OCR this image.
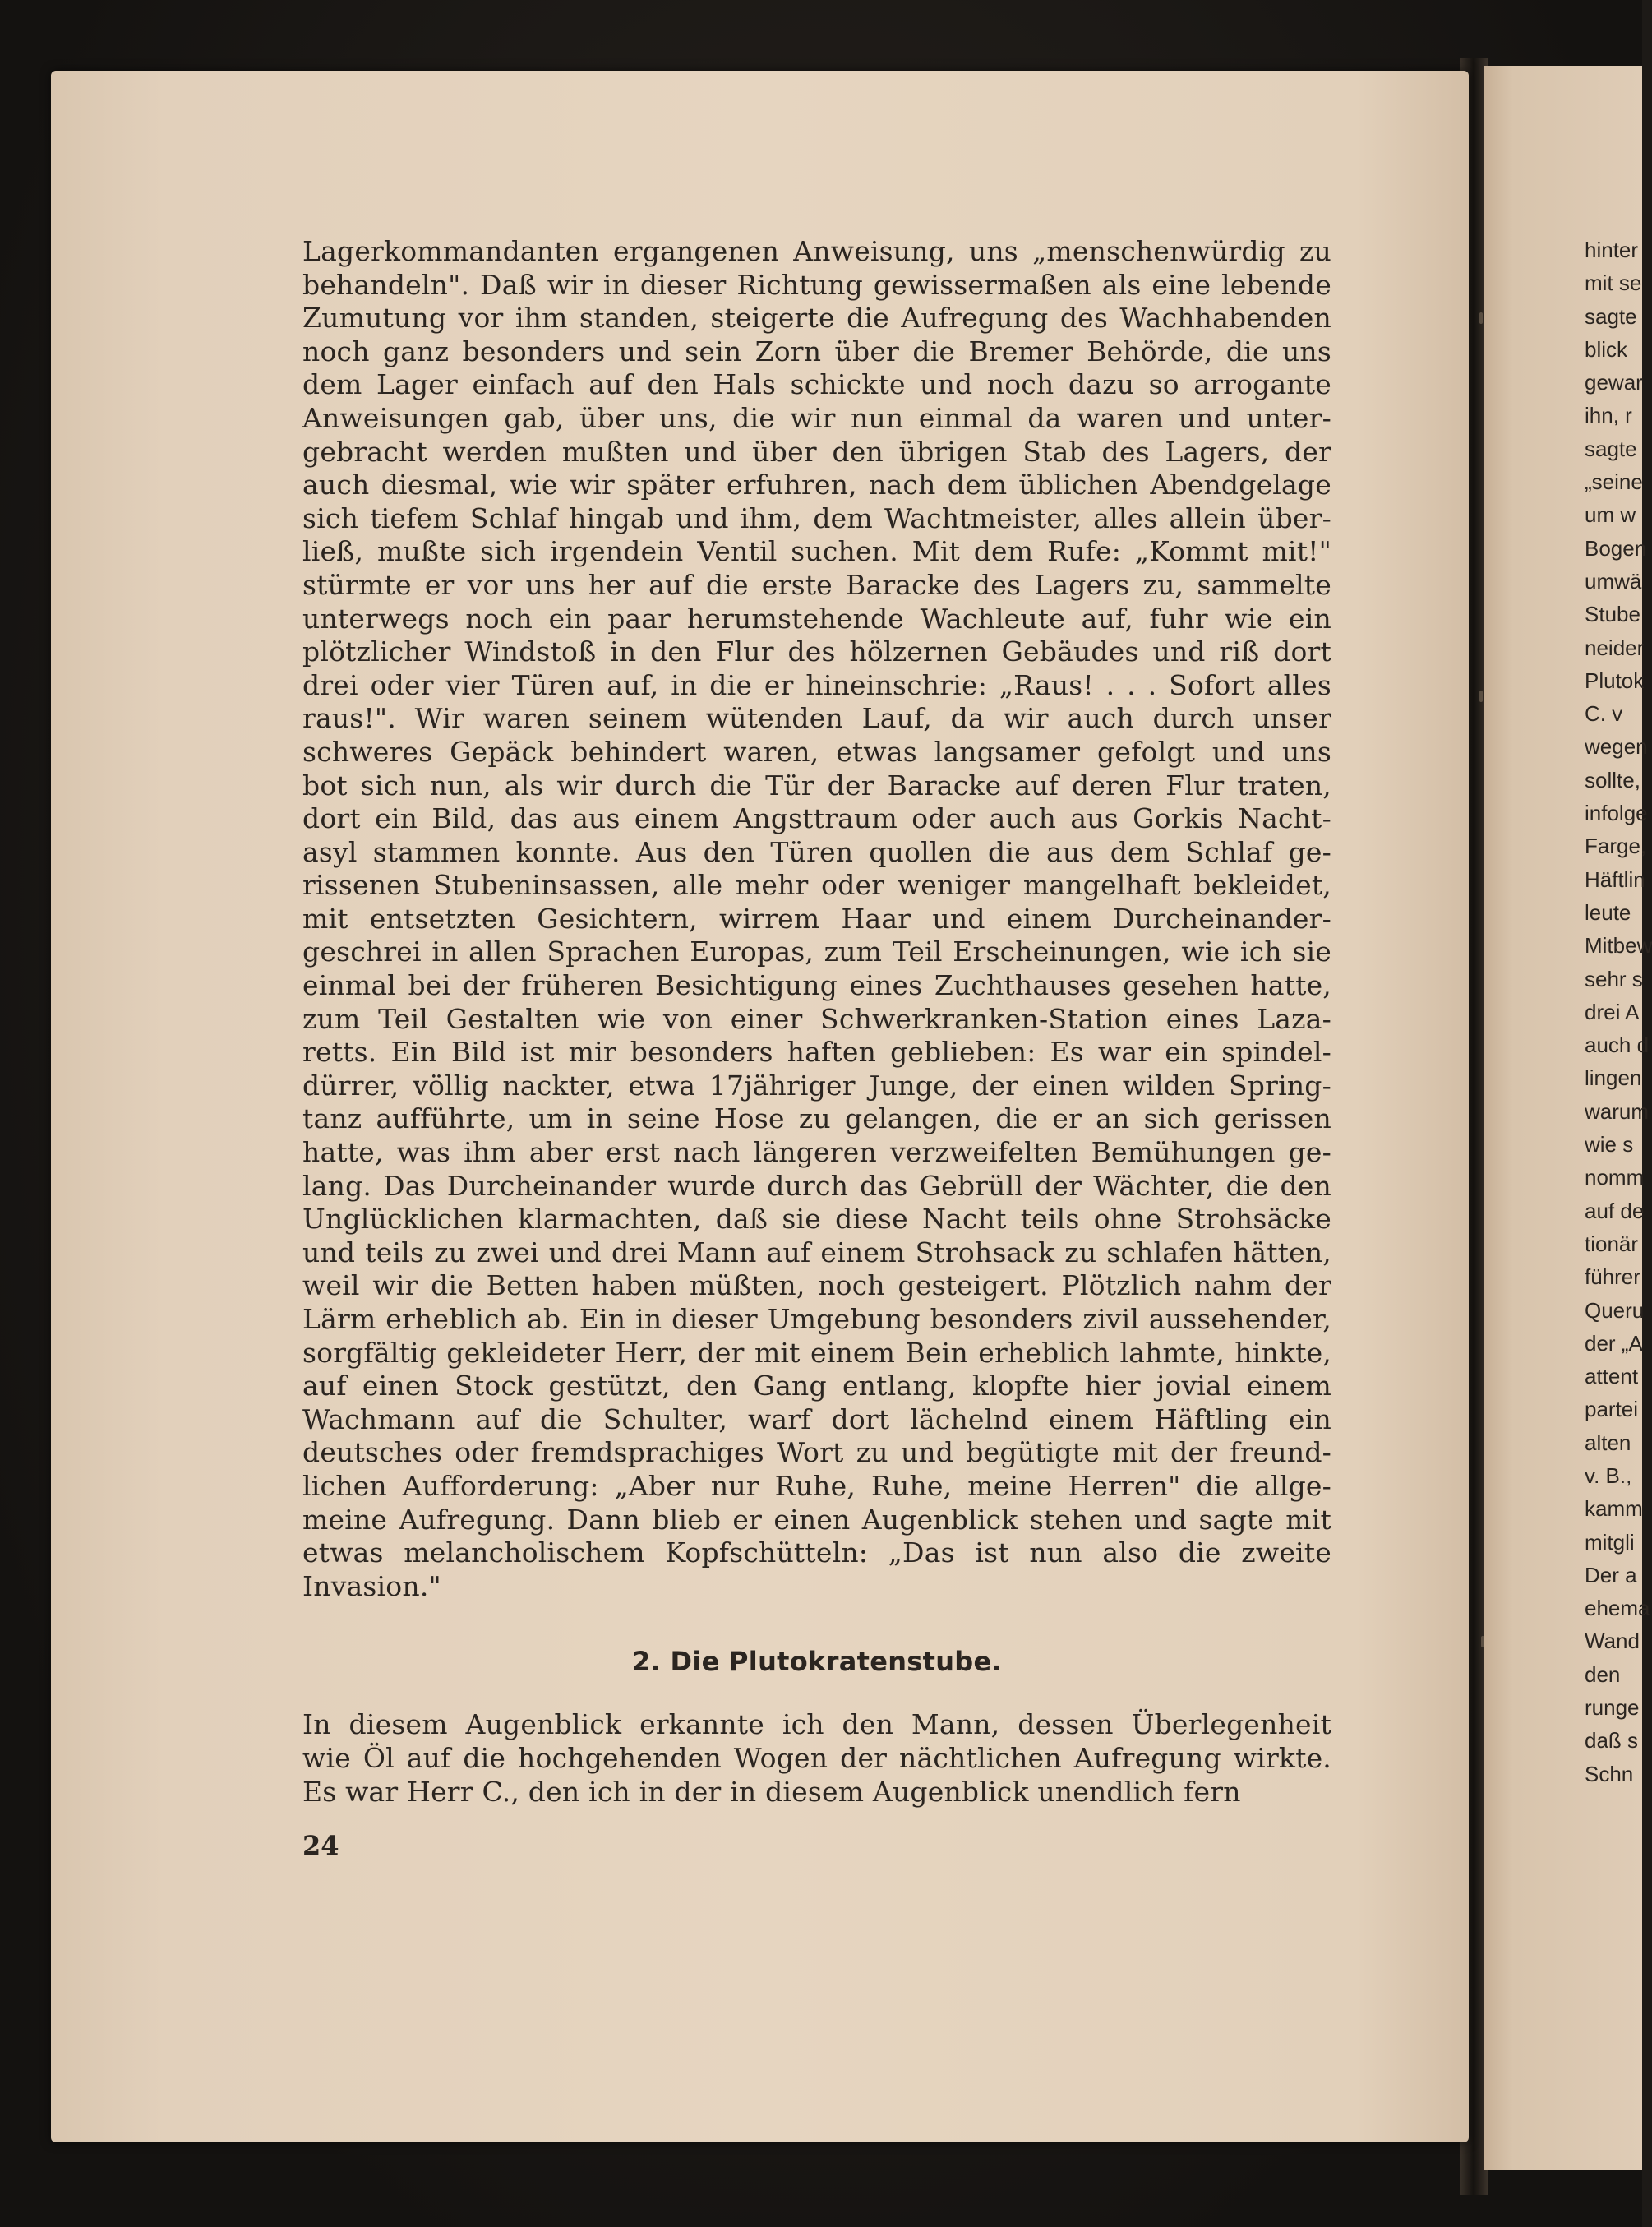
Lagerkommandanten ergangenen Anweisung, uns „menschenwürdig zu
behandeln". Daß wir in dieser Richtung gewissermaßen als eine lebende
Zumutung vor ihm standen, steigerte die Aufregung des Wachhabenden
noch ganz besonders und sein Zorn über die Bremer Behörde, die uns
dem Lager einfach auf den Hals schickte und noch dazu so arrogante
Anweisungen gab, über uns, die wir nun einmal da waren und unter-
gebracht werden mußten und über den übrigen Stab des Lagers, der
auch diesmal, wie wir später erfuhren, nach dem üblichen Abendgelage
sich tiefem Schlaf hingab und ihm, dem Wachtmeister, alles allein über-
ließ, mußte sich irgendein Ventil suchen. Mit dem Rufe: „Kommt mit!"
stürmte er vor uns her auf die erste Baracke des Lagers zu, sammelte
unterwegs noch ein paar herumstehende Wachleute auf, fuhr wie ein
plötzlicher Windstoß in den Flur des hölzernen Gebäudes und riß dort
drei oder vier Türen auf, in die er hineinschrie: „Raus! . . . Sofort alles
raus!". Wir waren seinem wütenden Lauf, da wir auch durch unser
schweres Gepäck behindert waren, etwas langsamer gefolgt und uns
bot sich nun, als wir durch die Tür der Baracke auf deren Flur traten,
dort ein Bild, das aus einem Angsttraum oder auch aus Gorkis Nacht-
asyl stammen konnte. Aus den Türen quollen die aus dem Schlaf ge-
rissenen Stubeninsassen, alle mehr oder weniger mangelhaft bekleidet,
mit entsetzten Gesichtern, wirrem Haar und einem Durcheinander-
geschrei in allen Sprachen Europas, zum Teil Erscheinungen, wie ich sie
einmal bei der früheren Besichtigung eines Zuchthauses gesehen hatte,
zum Teil Gestalten wie von einer Schwerkranken-Station eines Laza-
retts. Ein Bild ist mir besonders haften geblieben: Es war ein spindel-
dürrer, völlig nackter, etwa 17jähriger Junge, der einen wilden Spring-
tanz aufführte, um in seine Hose zu gelangen, die er an sich gerissen
hatte, was ihm aber erst nach längeren verzweifelten Bemühungen ge-
lang. Das Durcheinander wurde durch das Gebrüll der Wächter, die den
Unglücklichen klarmachten, daß sie diese Nacht teils ohne Strohsäcke
und teils zu zwei und drei Mann auf einem Strohsack zu schlafen hätten,
weil wir die Betten haben müßten, noch gesteigert. Plötzlich nahm der
Lärm erheblich ab. Ein in dieser Umgebung besonders zivil aussehender,
sorgfältig gekleideter Herr, der mit einem Bein erheblich lahmte, hinkte,
auf einen Stock gestützt, den Gang entlang, klopfte hier jovial einem
Wachmann auf die Schulter, warf dort lächelnd einem Häftling ein
deutsches oder fremdsprachiges Wort zu und begütigte mit der freund-
lichen Aufforderung: „Aber nur Ruhe, Ruhe, meine Herren" die allge-
meine Aufregung. Dann blieb er einen Augenblick stehen und sagte mit
etwas melancholischem Kopfschütteln: „Das ist nun also die zweite
Invasion."
2. Die Plutokratenstube.
In diesem Augenblick erkannte ich den Mann, dessen Überlegenheit
wie Öl auf die hochgehenden Wogen der nächtlichen Aufregung wirkte.
Es war Herr C., den ich in der in diesem Augenblick unendlich fern
24
hinter
mit se
sagte
blick
gewar
ihn, r
sagte
„seine
um w
Bogen
umwä
Stube
neider
Plutok
C. v
wegen
sollte,
infolge
Farge,
Häftlin
leute
Mitbew
sehr s
drei A
auch d
lingen
warum
wie s
nomm
auf de
tionär
führer
Queru
der „A
attent
partei
alten
v. B.,
kamm
mitgli
Der a
ehema
Wand
den
runge
daß s
Schn
